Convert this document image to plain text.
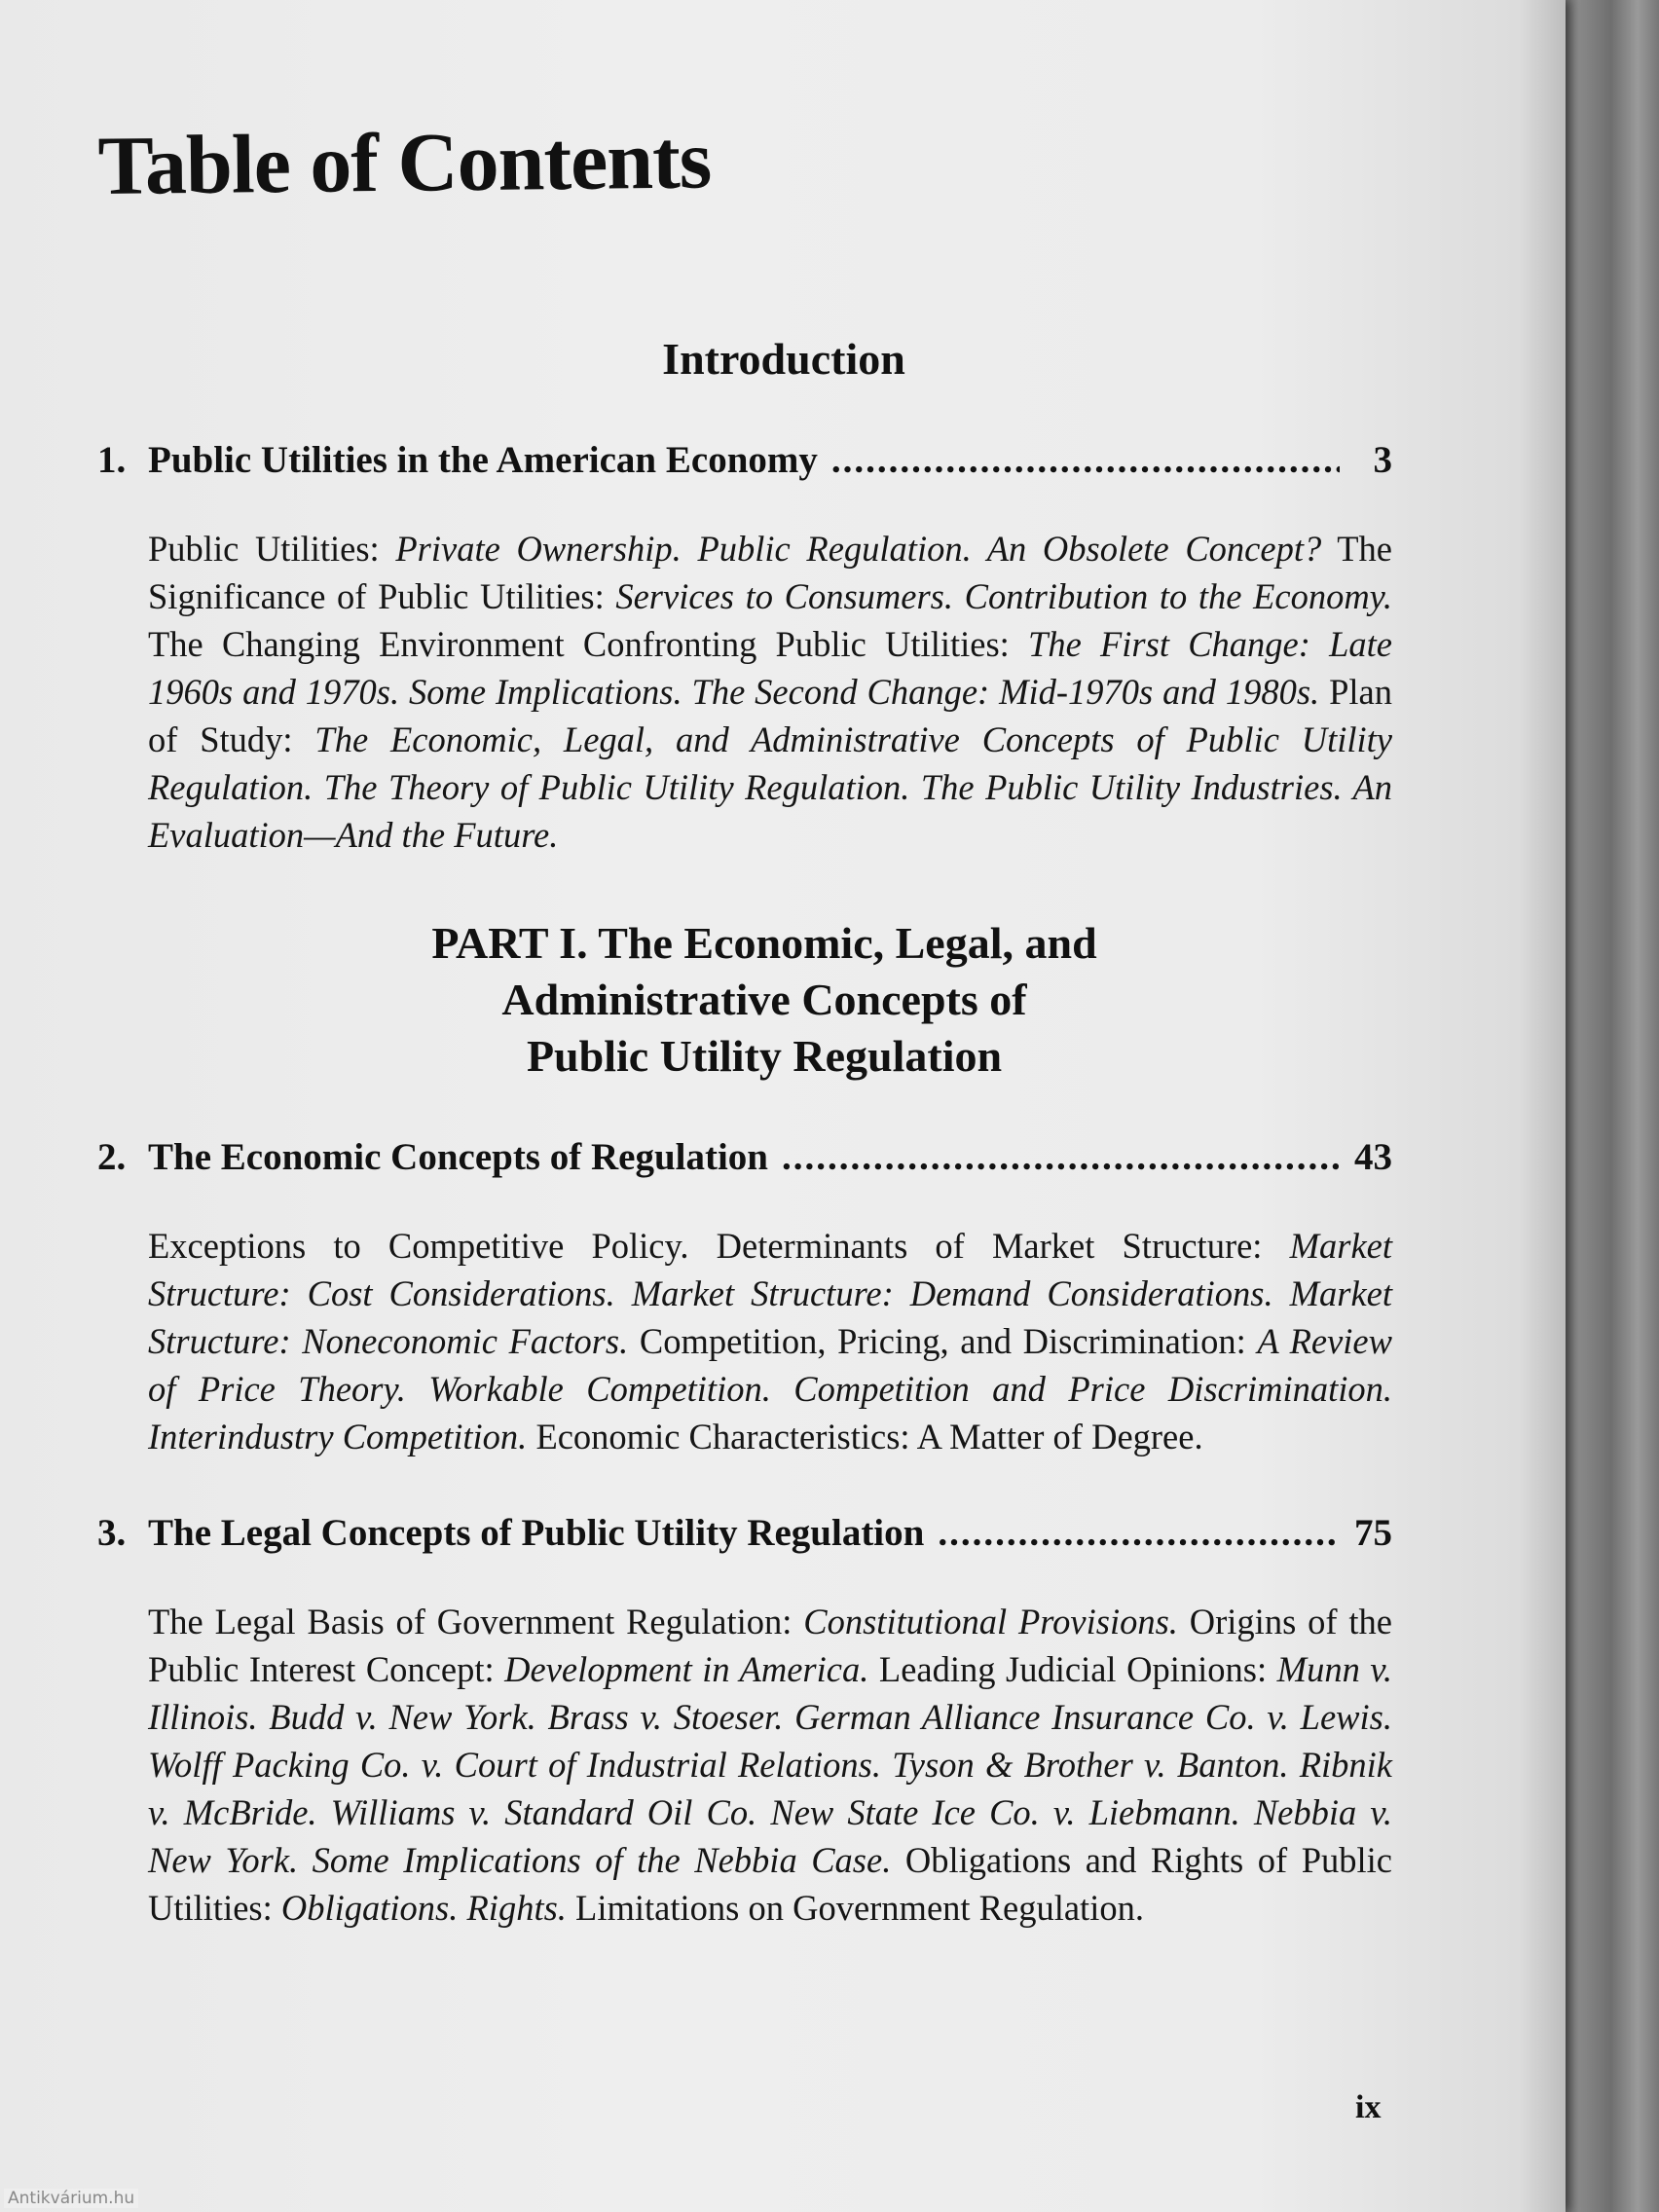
Table of Contents
Introduction
1. Public Utilities in the American Economy .....	3

Public Utilities: Private Ownership. Public Regulation. An Obsolete Concept? The Significance of Public Utilities: Services to Consumers. Contribution to the Economy. The Changing Environment Confronting Public Utilities: The First Change: Late 1960s and 1970s. Some Implications. The Second Change: Mid-1970s and 1980s. Plan of Study: The Economic, Legal, and Administrative Concepts of Public Utility Regulation. The Theory of Public Utility Regulation. The Public Utility Industries. An Evaluation—And the Future.

PART I. The Economic, Legal, and
Administrative Concepts of
Public Utility Regulation
2. The Economic Concepts of Regulation .....	43

Exceptions to Competitive Policy. Determinants of Market Structure: Market Structure: Cost Considerations. Market Structure: Demand Considerations. Market Structure: Noneconomic Factors. Competition, Pricing, and Discrimination: A Review of Price Theory. Workable Competition. Competition and Price Discrimination. Interindustry Competition. Economic Characteristics: A Matter of Degree.

3. The Legal Concepts of Public Utility Regulation .....	75

The Legal Basis of Government Regulation: Constitutional Provisions. Origins of the Public Interest Concept: Development in America. Leading Judicial Opinions: Munn v. Illinois. Budd v. New York. Brass v. Stoeser. German Alliance Insurance Co. v. Lewis. Wolff Packing Co. v. Court of Industrial Relations. Tyson & Brother v. Banton. Ribnik v. McBride. Williams v. Standard Oil Co. New State Ice Co. v. Liebmann. Nebbia v. New York. Some Implications of the Nebbia Case. Obligations and Rights of Public Utilities: Obligations. Rights. Limitations on Government Regulation.

ix
Antikvárium.hu
